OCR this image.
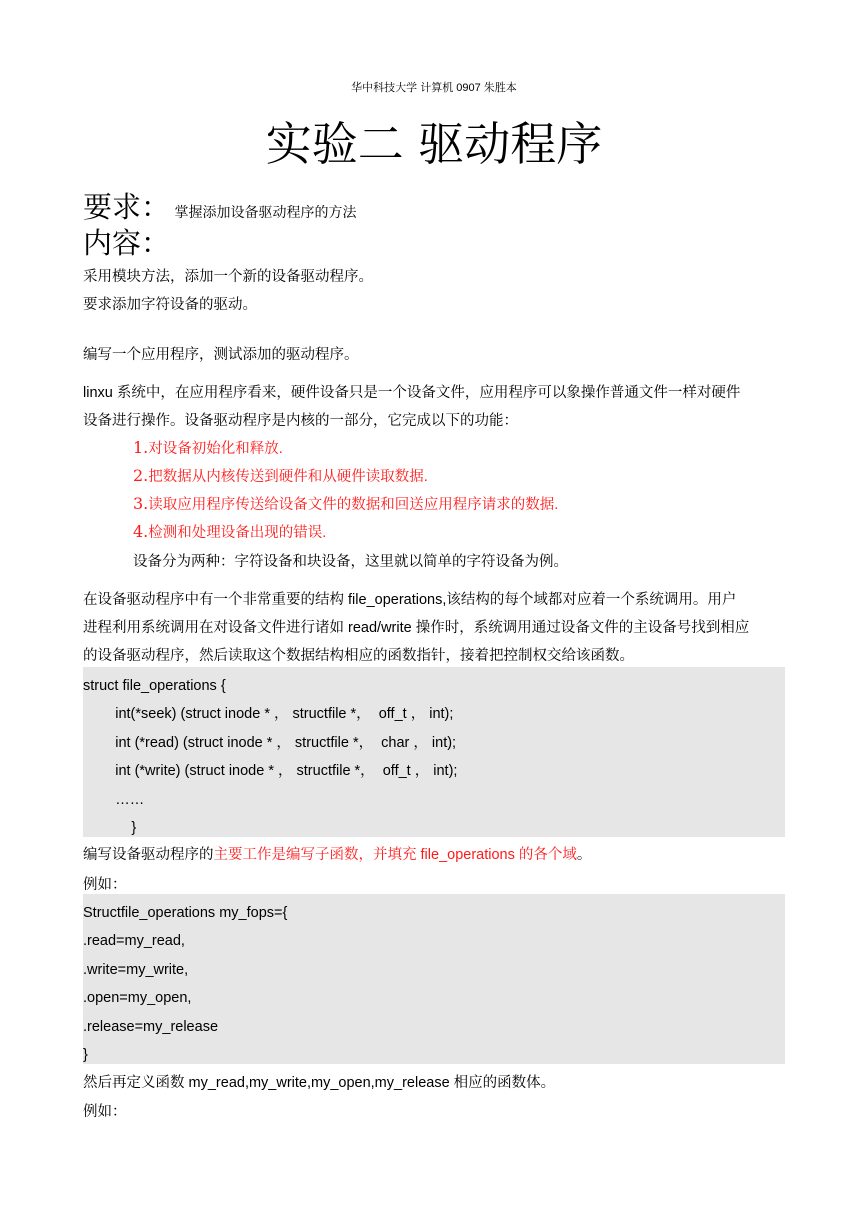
华中科技大学 计算机 0907 朱胜本
实验二 驱动程序
要求： 掌握添加设备驱动程序的方法
内容：
采用模块方法，添加一个新的设备驱动程序。
要求添加字符设备的驱动。
编写一个应用程序，测试添加的驱动程序。
linxu 系统中，在应用程序看来，硬件设备只是一个设备文件，应用程序可以象操作普通文件一样对硬件
设备进行操作。设备驱动程序是内核的一部分，它完成以下的功能：
1.对设备初始化和释放.
2.把数据从内核传送到硬件和从硬件读取数据.
3.读取应用程序传送给设备文件的数据和回送应用程序请求的数据.
4.检测和处理设备出现的错误.
设备分为两种：字符设备和块设备，这里就以简单的字符设备为例。
在设备驱动程序中有一个非常重要的结构 file_operations,该结构的每个域都对应着一个系统调用。用户
进程利用系统调用在对设备文件进行诸如 read/write 操作时，系统调用通过设备文件的主设备号找到相应
的设备驱动程序，然后读取这个数据结构相应的函数指针，接着把控制权交给该函数。
struct file_operations {
int(*seek) (struct inode * ， structfile *，  off_t ， int);
int (*read) (struct inode * ， structfile *，  char ， int);
int (*write) (struct inode * ， structfile *，  off_t ， int);
……
}
编写设备驱动程序的主要工作是编写子函数，并填充 file_operations 的各个域。
例如：
Structfile_operations my_fops={
.read=my_read,
.write=my_write,
.open=my_open,
.release=my_release
}
然后再定义函数 my_read,my_write,my_open,my_release 相应的函数体。
例如：
